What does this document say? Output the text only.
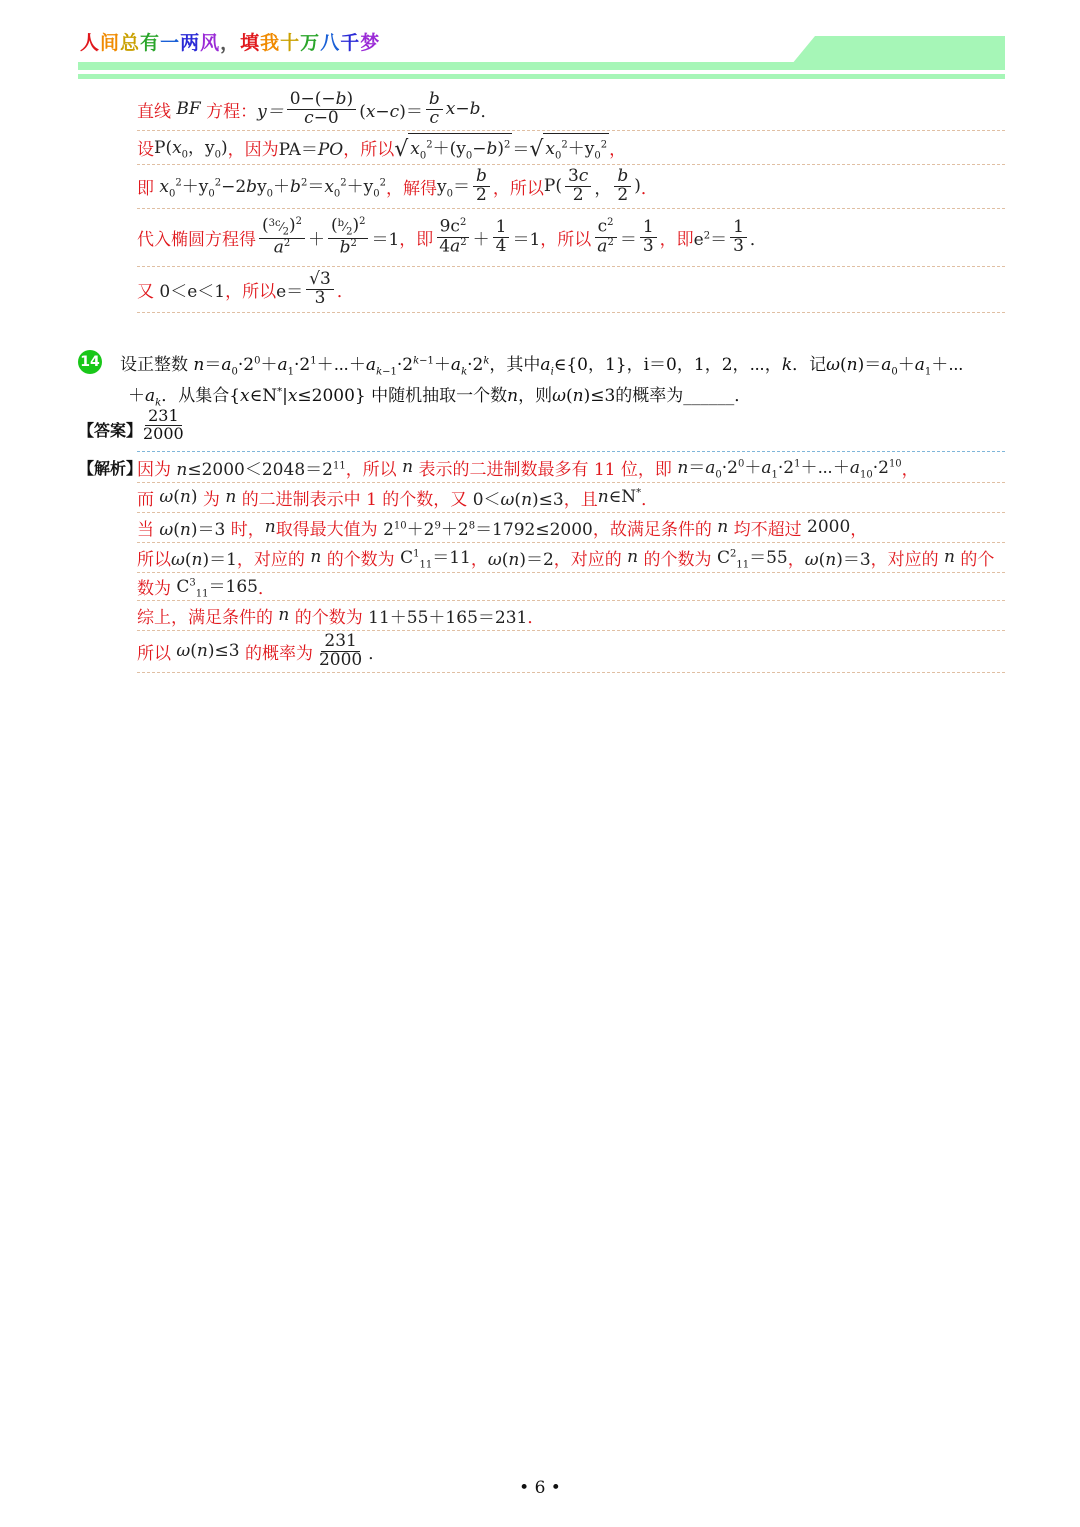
人间总有一两风，填我十万八千梦
直线
BF
方程： $y= \frac{0-(-b)}{c-0} (x-c)= \frac{b}{c} x-b$ ．
设 $P(x_0$，$y_0$) ，因为 PA＝PO ，所以 √ $x_0^2+(y_0-b)^2$ ＝ √ $x_0^2+y_0^2$ ，
即 $x_0^2+y_0^2-2by_0+b^2=x_0^2+y_0^2$ ，解得 $y_0= \frac{b}{2}$ ，所以 $P( \frac{3c}{2}$ ， $\frac{b}{2}$ ) ．
代入椭圆方程得 $\frac{(^{3c}⁄_2)^2}{a^2} + \frac{(^b⁄_2)^2}{b^2} =1$ ，即 $\frac{9c^2}{4a^2} + \frac{1}{4} =1$ ，所以 $\frac{c^2}{a^2} = \frac{1}{3}$ ，即 $e^2= \frac{1}{3}$ ．
又 0＜e＜1 ，所以 $e= \frac{√3}{3}$ ．
14 设正整数 $n=a_0\cdot 2^0+a_1\cdot 2^1+\cdots+a_{k-1}\cdot 2^{k-1}+a_k\cdot 2^k$，其中$a_i\in\{0$，1}，i＝0，1，2，⋯，k．记$\omega(n)=a_0+a_1+\cdots$
$+a_k$．从集合{x∈N*|x≤2000} 中随机抽取一个数n，则ω(n)≤3的概率为______．
【答案】
$\frac{231}{2000}$
【解析】
因为 $n\le 2000<2048=2^{11}$ ，所以 n 表示的二进制数最多有 11 位，即 $n=a_0\cdot 2^0+a_1\cdot 2^1+\cdots+a_{10}\cdot 2^{10}$ ，
而 ω(n) 为 n 的二进制表示中 1 的个数，又 0＜ω(n)≤3 ，且 n∈N* ．
当 ω(n)＝3 时， n 取得最大值为 $2^{10}+2^9+2^8=1792\le 2000$ ，故满足条件的 n 均不超过 2000 ，
所以 ω(n)＝1 ，对应的 n 的个数为 $C^1_{11}=11$ ， ω(n)＝2 ，对应的 n 的个数为 $C^2_{11}=55$ ， ω(n)＝3 ，对应的 n 的个
数为 $C^3_{11}=165$ ．
综上，满足条件的 n 的个数为 11＋55＋165＝231 ．
所以 ω(n)≤3 的概率为 $\frac{231}{2000}$ ．
• 6 •
